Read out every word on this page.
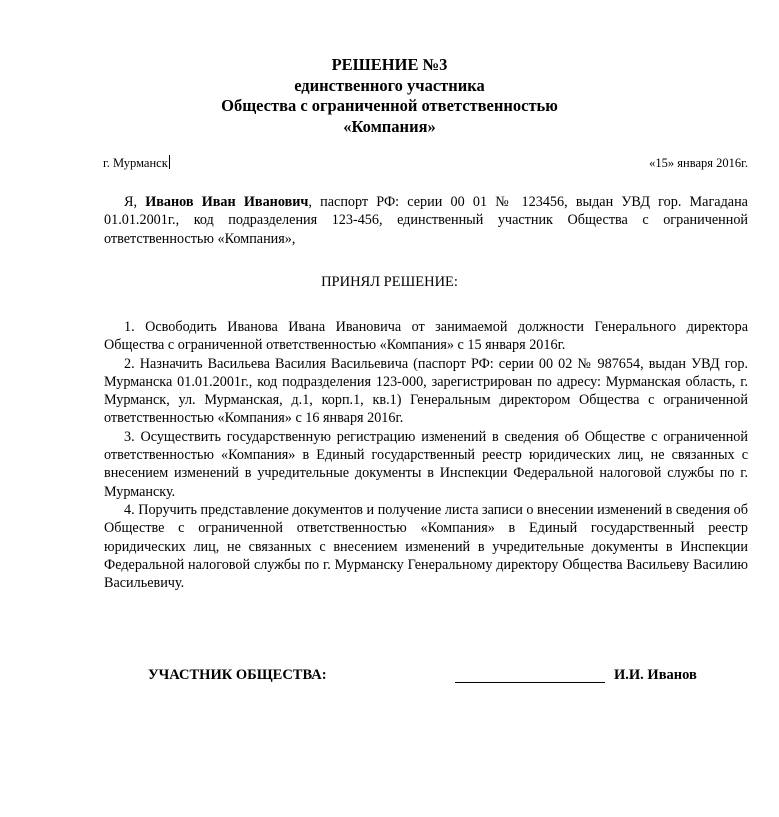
РЕШЕНИЕ №3
единственного участника
Общества с ограниченной ответственностью
«Компания»
г. Мурманск	«15» января 2016г.

Я, Иванов Иван Иванович, паспорт РФ: серии 00 01 № 123456, выдан УВД гор. Магадана 01.01.2001г., код подразделения 123-456, единственный участник Общества с ограниченной ответственностью «Компания»,

ПРИНЯЛ РЕШЕНИЕ:

1. Освободить Иванова Ивана Ивановича от занимаемой должности Генерального директора Общества с ограниченной ответственностью «Компания» с 15 января 2016г.

2. Назначить Васильева Василия Васильевича (паспорт РФ: серии 00 02 № 987654, выдан УВД гор. Мурманска 01.01.2001г., код подразделения 123-000, зарегистрирован по адресу: Мурманская область, г. Мурманск, ул. Мурманская, д.1, корп.1, кв.1) Генеральным директором Общества с ограниченной ответственностью «Компания» с 16 января 2016г.

3. Осуществить государственную регистрацию изменений в сведения об Обществе с ограниченной ответственностью «Компания» в Единый государственный реестр юридических лиц, не связанных с внесением изменений в учредительные документы в Инспекции Федеральной налоговой службы по г. Мурманску.

4. Поручить представление документов и получение листа записи о внесении изменений в сведения об Обществе с ограниченной ответственностью «Компания» в Единый государственный реестр юридических лиц, не связанных с внесением изменений в учредительные документы в Инспекции Федеральной налоговой службы по г. Мурманску Генеральному директору Общества Васильеву Василию Васильевичу.

УЧАСТНИК ОБЩЕСТВА:	И.И. Иванов
